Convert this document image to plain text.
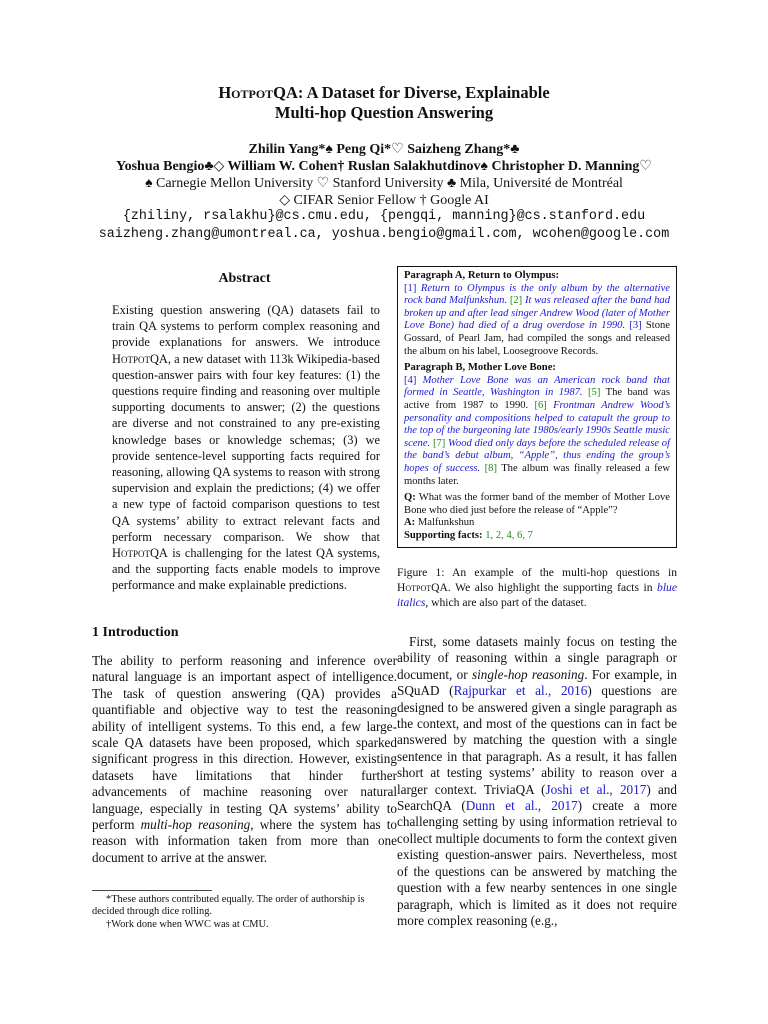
HotpotQA: A Dataset for Diverse, Explainable
Multi-hop Question Answering
Zhilin Yang*♠ Peng Qi*♡ Saizheng Zhang*♣
Yoshua Bengio♣◇ William W. Cohen† Ruslan Salakhutdinov♠ Christopher D. Manning♡
♠ Carnegie Mellon University ♡ Stanford University ♣ Mila, Université de Montréal
◇ CIFAR Senior Fellow † Google AI
{zhiliny, rsalakhu}@cs.cmu.edu, {pengqi, manning}@cs.stanford.edu
saizheng.zhang@umontreal.ca, yoshua.bengio@gmail.com, wcohen@google.com
Abstract
Existing question answering (QA) datasets fail to train QA systems to perform complex reasoning and provide explanations for answers. We introduce HotpotQA, a new dataset with 113k Wikipedia-based question-answer pairs with four key features: (1) the questions require finding and reasoning over multiple supporting documents to answer; (2) the questions are diverse and not constrained to any pre-existing knowledge bases or knowledge schemas; (3) we provide sentence-level supporting facts required for reasoning, allowing QA systems to reason with strong supervision and explain the predictions; (4) we offer a new type of factoid comparison questions to test QA systems’ ability to extract relevant facts and perform necessary comparison. We show that HotpotQA is challenging for the latest QA systems, and the supporting facts enable models to improve performance and make explainable predictions.
1 Introduction
The ability to perform reasoning and inference over natural language is an important aspect of intelligence. The task of question answering (QA) provides a quantifiable and objective way to test the reasoning ability of intelligent systems. To this end, a few large-scale QA datasets have been proposed, which sparked significant progress in this direction. However, existing datasets have limitations that hinder further advancements of machine reasoning over natural language, especially in testing QA systems’ ability to perform multi-hop reasoning, where the system has to reason with information taken from more than one document to arrive at the answer.

*These authors contributed equally. The order of authorship is decided through dice rolling.

†Work done when WWC was at CMU.

Paragraph A, Return to Olympus:
[1] Return to Olympus is the only album by the alternative rock band Malfunkshun. [2] It was released after the band had broken up and after lead singer Andrew Wood (later of Mother Love Bone) had died of a drug overdose in 1990. [3] Stone Gossard, of Pearl Jam, had compiled the songs and released the album on his label, Loosegroove Records.
Paragraph B, Mother Love Bone:
[4] Mother Love Bone was an American rock band that formed in Seattle, Washington in 1987. [5] The band was active from 1987 to 1990. [6] Frontman Andrew Wood’s personality and compositions helped to catapult the group to the top of the burgeoning late 1980s/early 1990s Seattle music scene. [7] Wood died only days before the scheduled release of the band’s debut album, “Apple”, thus ending the group’s hopes of success. [8] The album was finally released a few months later.
Q: What was the former band of the member of Mother Love Bone who died just before the release of “Apple”?
A: Malfunkshun
Supporting facts: 1, 2, 4, 6, 7
Figure 1: An example of the multi-hop questions in HotpotQA. We also highlight the supporting facts in blue italics, which are also part of the dataset.
First, some datasets mainly focus on testing the ability of reasoning within a single paragraph or document, or single-hop reasoning. For example, in SQuAD (Rajpurkar et al., 2016) questions are designed to be answered given a single paragraph as the context, and most of the questions can in fact be answered by matching the question with a single sentence in that paragraph. As a result, it has fallen short at testing systems’ ability to reason over a larger context. TriviaQA (Joshi et al., 2017) and SearchQA (Dunn et al., 2017) create a more challenging setting by using information retrieval to collect multiple documents to form the context given existing question-answer pairs. Nevertheless, most of the questions can be answered by matching the question with a few nearby sentences in one single paragraph, which is limited as it does not require more complex reasoning (e.g.,
